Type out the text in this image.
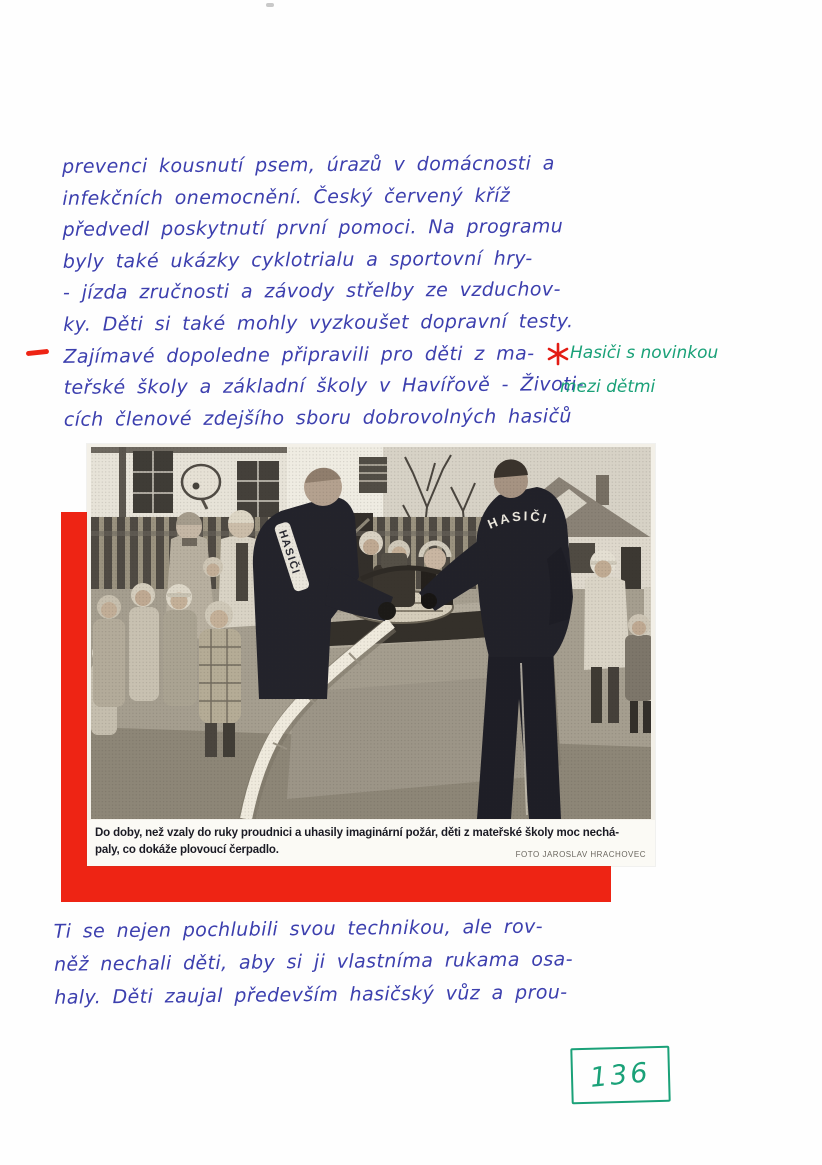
prevenci kousnutí psem, úrazů v domácnosti a
infekčních onemocnění. Český červený kříž
předvedl poskytnutí první pomoci. Na programu
byly také ukázky cyklotrialu a sportovní hry-
- jízda zručnosti a závody střelby ze vzduchov-
ky. Děti si také mohly vyzkoušet dopravní testy.
Zajímavé dopoledne připravili pro děti z ma-
teřské školy a základní školy v Havířově - Životi-
cích členové zdejšího sboru dobrovolných hasičů
Hasiči s novinkou
mezi dětmi
Do doby, než vzaly do ruky proudnici a uhasily imaginární požár, děti z mateřské školy moc nechá-
paly, co dokáže plovoucí čerpadlo.	FOTO JAROSLAV HRACHOVEC
Ti se nejen pochlubili svou technikou, ale rov-
něž nechali děti, aby si ji vlastníma rukama osa-
haly. Děti zaujal především hasičský vůz a prou-
136
